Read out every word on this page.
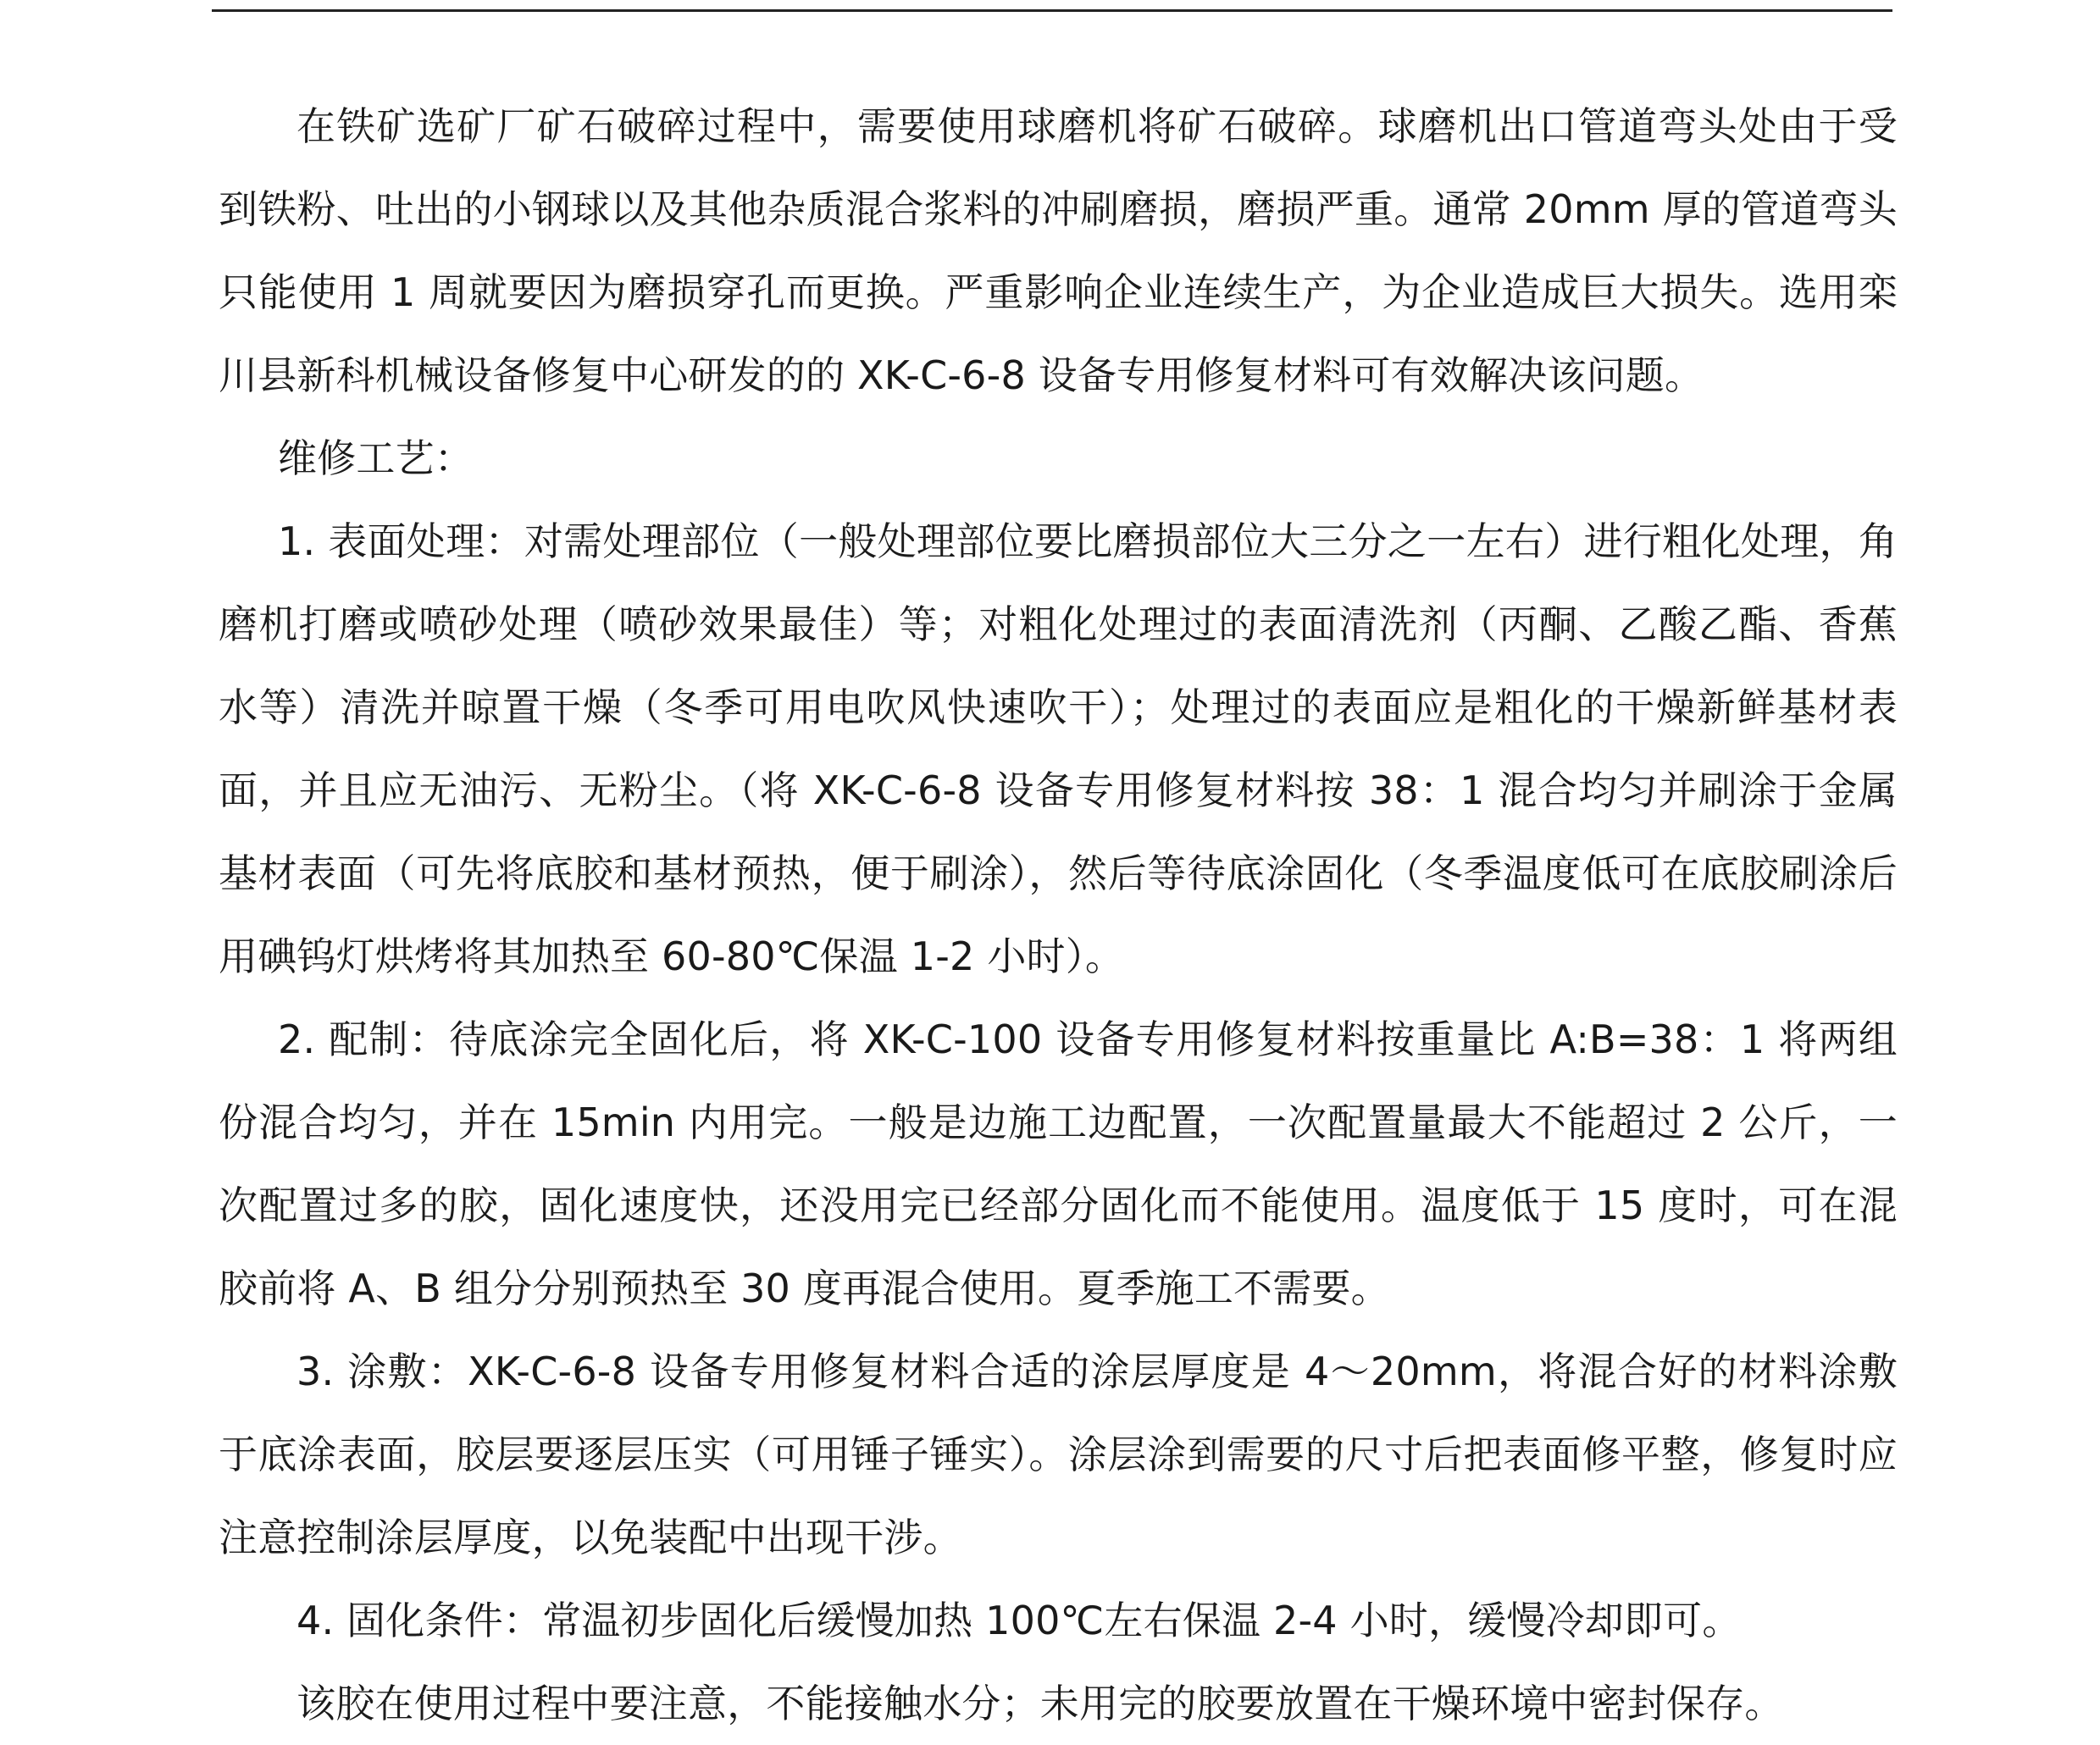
在铁矿选矿厂矿石破碎过程中，需要使用球磨机将矿石破碎。球磨机出口管道弯头处由于受到铁粉、吐出的小钢球以及其他杂质混合浆料的冲刷磨损，磨损严重。通常 20mm 厚的管道弯头只能使用 1 周就要因为磨损穿孔而更换。严重影响企业连续生产，为企业造成巨大损失。选用栾川县新科机械设备修复中心研发的的 XK-C-6-8 设备专用修复材料可有效解决该问题。

维修工艺：

1. 表面处理：对需处理部位（一般处理部位要比磨损部位大三分之一左右）进行粗化处理，角磨机打磨或喷砂处理（喷砂效果最佳）等；对粗化处理过的表面清洗剂（丙酮、乙酸乙酯、香蕉水等）清洗并晾置干燥（冬季可用电吹风快速吹干）；处理过的表面应是粗化的干燥新鲜基材表面，并且应无油污、无粉尘。（将 XK-C-6-8 设备专用修复材料按 38：1 混合均匀并刷涂于金属基材表面（可先将底胶和基材预热，便于刷涂），然后等待底涂固化（冬季温度低可在底胶刷涂后用碘钨灯烘烤将其加热至 60-80℃保温 1-2 小时）。

2. 配制：待底涂完全固化后，将 XK-C-100 设备专用修复材料按重量比 A:B=38：1 将两组份混合均匀，并在 15min 内用完。一般是边施工边配置，一次配置量最大不能超过 2 公斤，一次配置过多的胶，固化速度快，还没用完已经部分固化而不能使用。温度低于 15 度时，可在混胶前将 A、B 组分分别预热至 30 度再混合使用。夏季施工不需要。

3. 涂敷：XK-C-6-8 设备专用修复材料合适的涂层厚度是 4～20mm，将混合好的材料涂敷于底涂表面，胶层要逐层压实（可用锤子锤实）。涂层涂到需要的尺寸后把表面修平整，修复时应注意控制涂层厚度，以免装配中出现干涉。

4. 固化条件：常温初步固化后缓慢加热 100℃左右保温 2-4 小时，缓慢冷却即可。

该胶在使用过程中要注意，不能接触水分；未用完的胶要放置在干燥环境中密封保存。
